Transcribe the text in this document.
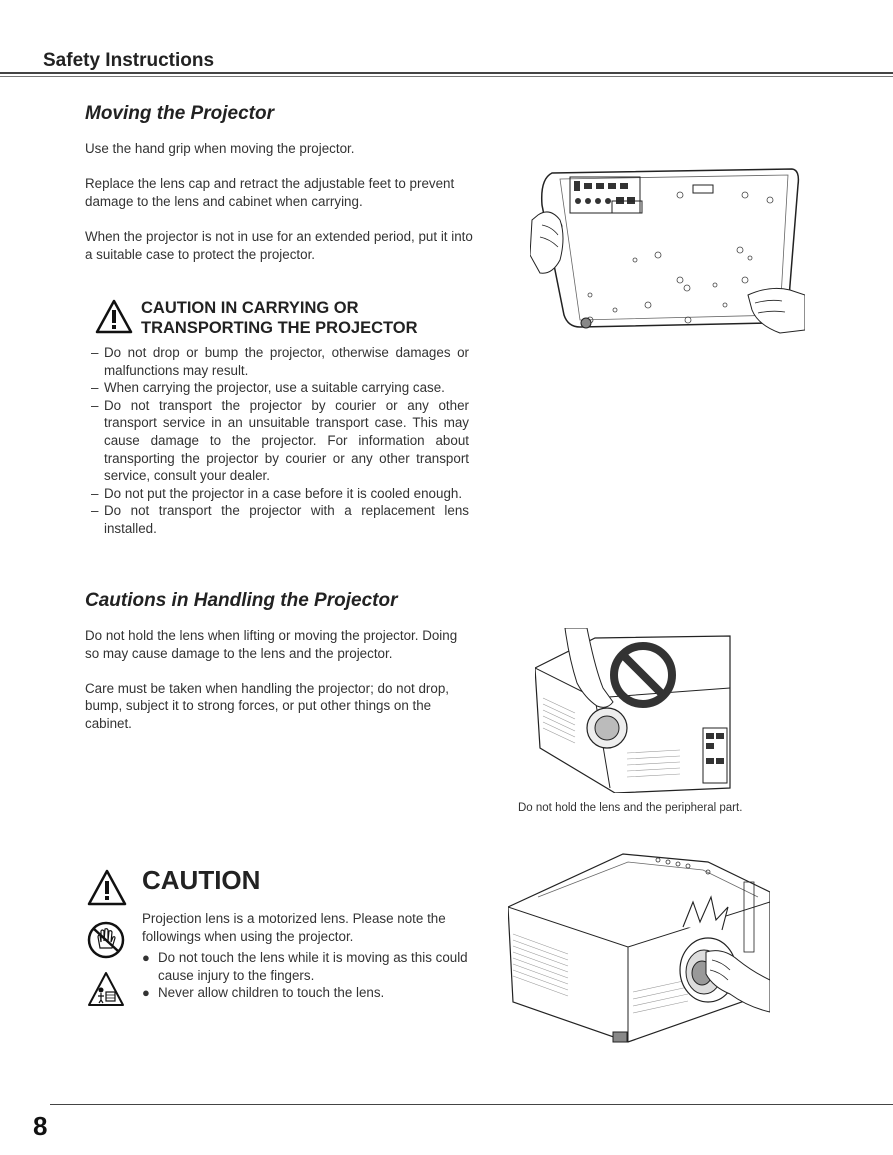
Safety Instructions
Moving the Projector

Use the hand grip when moving the projector.

Replace the lens cap and retract the adjustable feet to prevent damage to the lens and cabinet when carrying.

When the projector is not in use for an extended period, put it into a suitable case to protect the projector.

CAUTION IN CARRYING OR
TRANSPORTING THE PROJECTOR
– Do not drop or bump the projector, otherwise damages or malfunctions may result.
– When carrying the projector, use a suitable carrying case.
– Do not transport the projector by courier or any other transport service in an unsuitable transport case. This may cause damage to the projector. For information about transporting the projector by courier or any other transport service, consult your dealer.
– Do not put the projector in a case before it is cooled enough.
– Do not transport the projector with a replacement lens installed.
Cautions in Handling the Projector

Do not hold the lens when lifting or moving the projector. Doing so may cause damage to the lens and the projector.

Care must be taken when handling the projector; do not drop, bump, subject it to strong forces, or put other things on the cabinet.

Do not hold the lens and the peripheral part.
CAUTION
Projection lens is a motorized lens. Please note the followings when using the projector.
● Do not touch the lens while it is moving as this could cause injury to the fingers.
● Never allow children to touch the lens.
8
